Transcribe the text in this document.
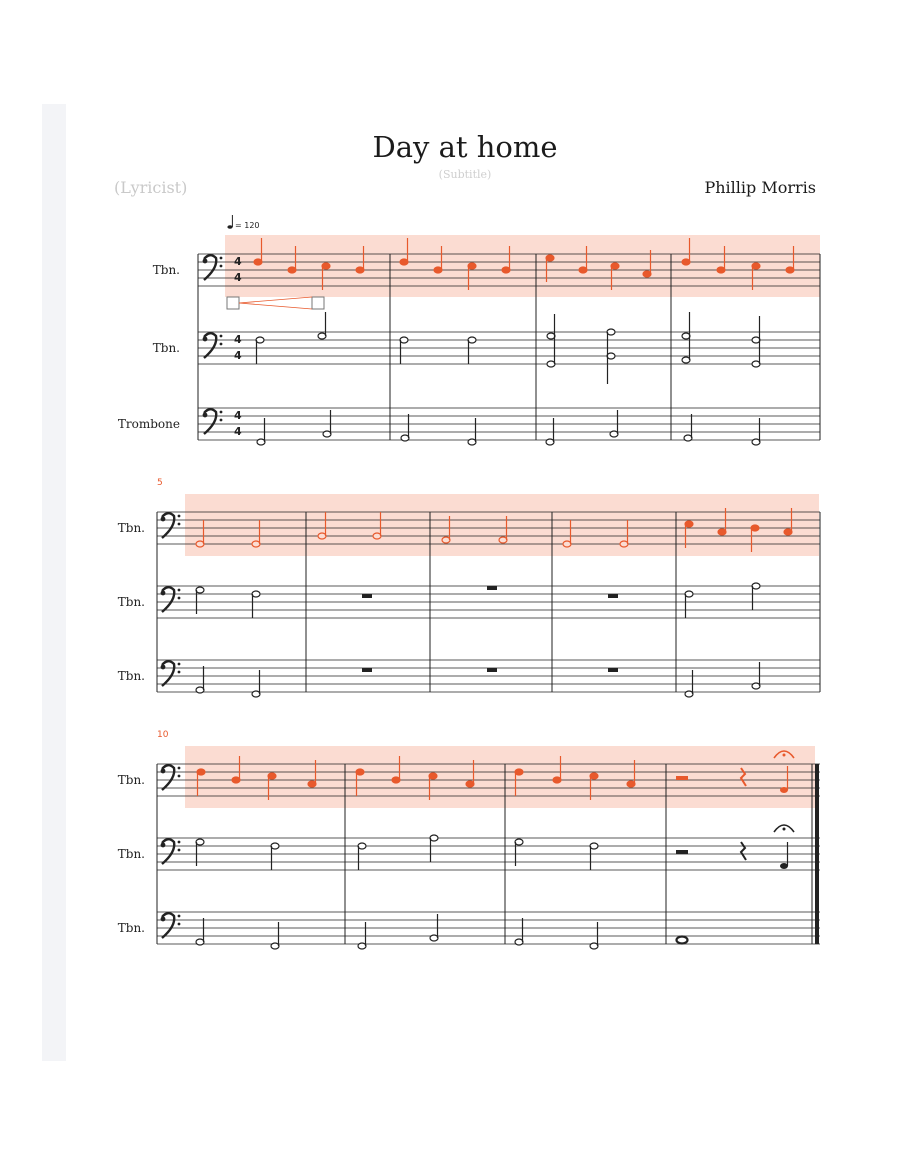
Day at home
(Subtitle)
(Lyricist)	Phillip Morris
= 120
Tbn.
Tbn.
Trombone
4
4
4
4
4
4
5
Tbn.
Tbn.
Tbn.
10
Tbn.
Tbn.
Tbn.
